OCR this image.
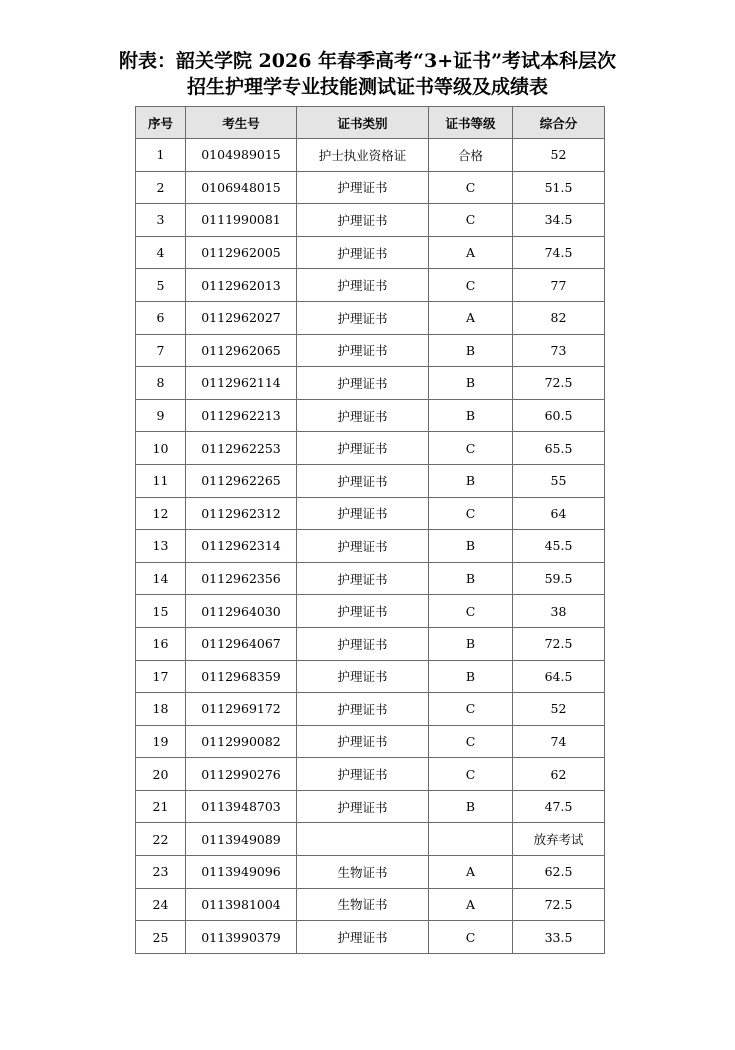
附表：韶关学院 2026 年春季高考“3+证书”考试本科层次
招生护理学专业技能测试证书等级及成绩表
序号	考生号	证书类别	证书等级	综合分
1	0104989015	护士执业资格证	合格	52
2	0106948015	护理证书	C	51.5
3	0111990081	护理证书	C	34.5
4	0112962005	护理证书	A	74.5
5	0112962013	护理证书	C	77
6	0112962027	护理证书	A	82
7	0112962065	护理证书	B	73
8	0112962114	护理证书	B	72.5
9	0112962213	护理证书	B	60.5
10	0112962253	护理证书	C	65.5
11	0112962265	护理证书	B	55
12	0112962312	护理证书	C	64
13	0112962314	护理证书	B	45.5
14	0112962356	护理证书	B	59.5
15	0112964030	护理证书	C	38
16	0112964067	护理证书	B	72.5
17	0112968359	护理证书	B	64.5
18	0112969172	护理证书	C	52
19	0112990082	护理证书	C	74
20	0112990276	护理证书	C	62
21	0113948703	护理证书	B	47.5
22	0113949089			放弃考试
23	0113949096	生物证书	A	62.5
24	0113981004	生物证书	A	72.5
25	0113990379	护理证书	C	33.5
